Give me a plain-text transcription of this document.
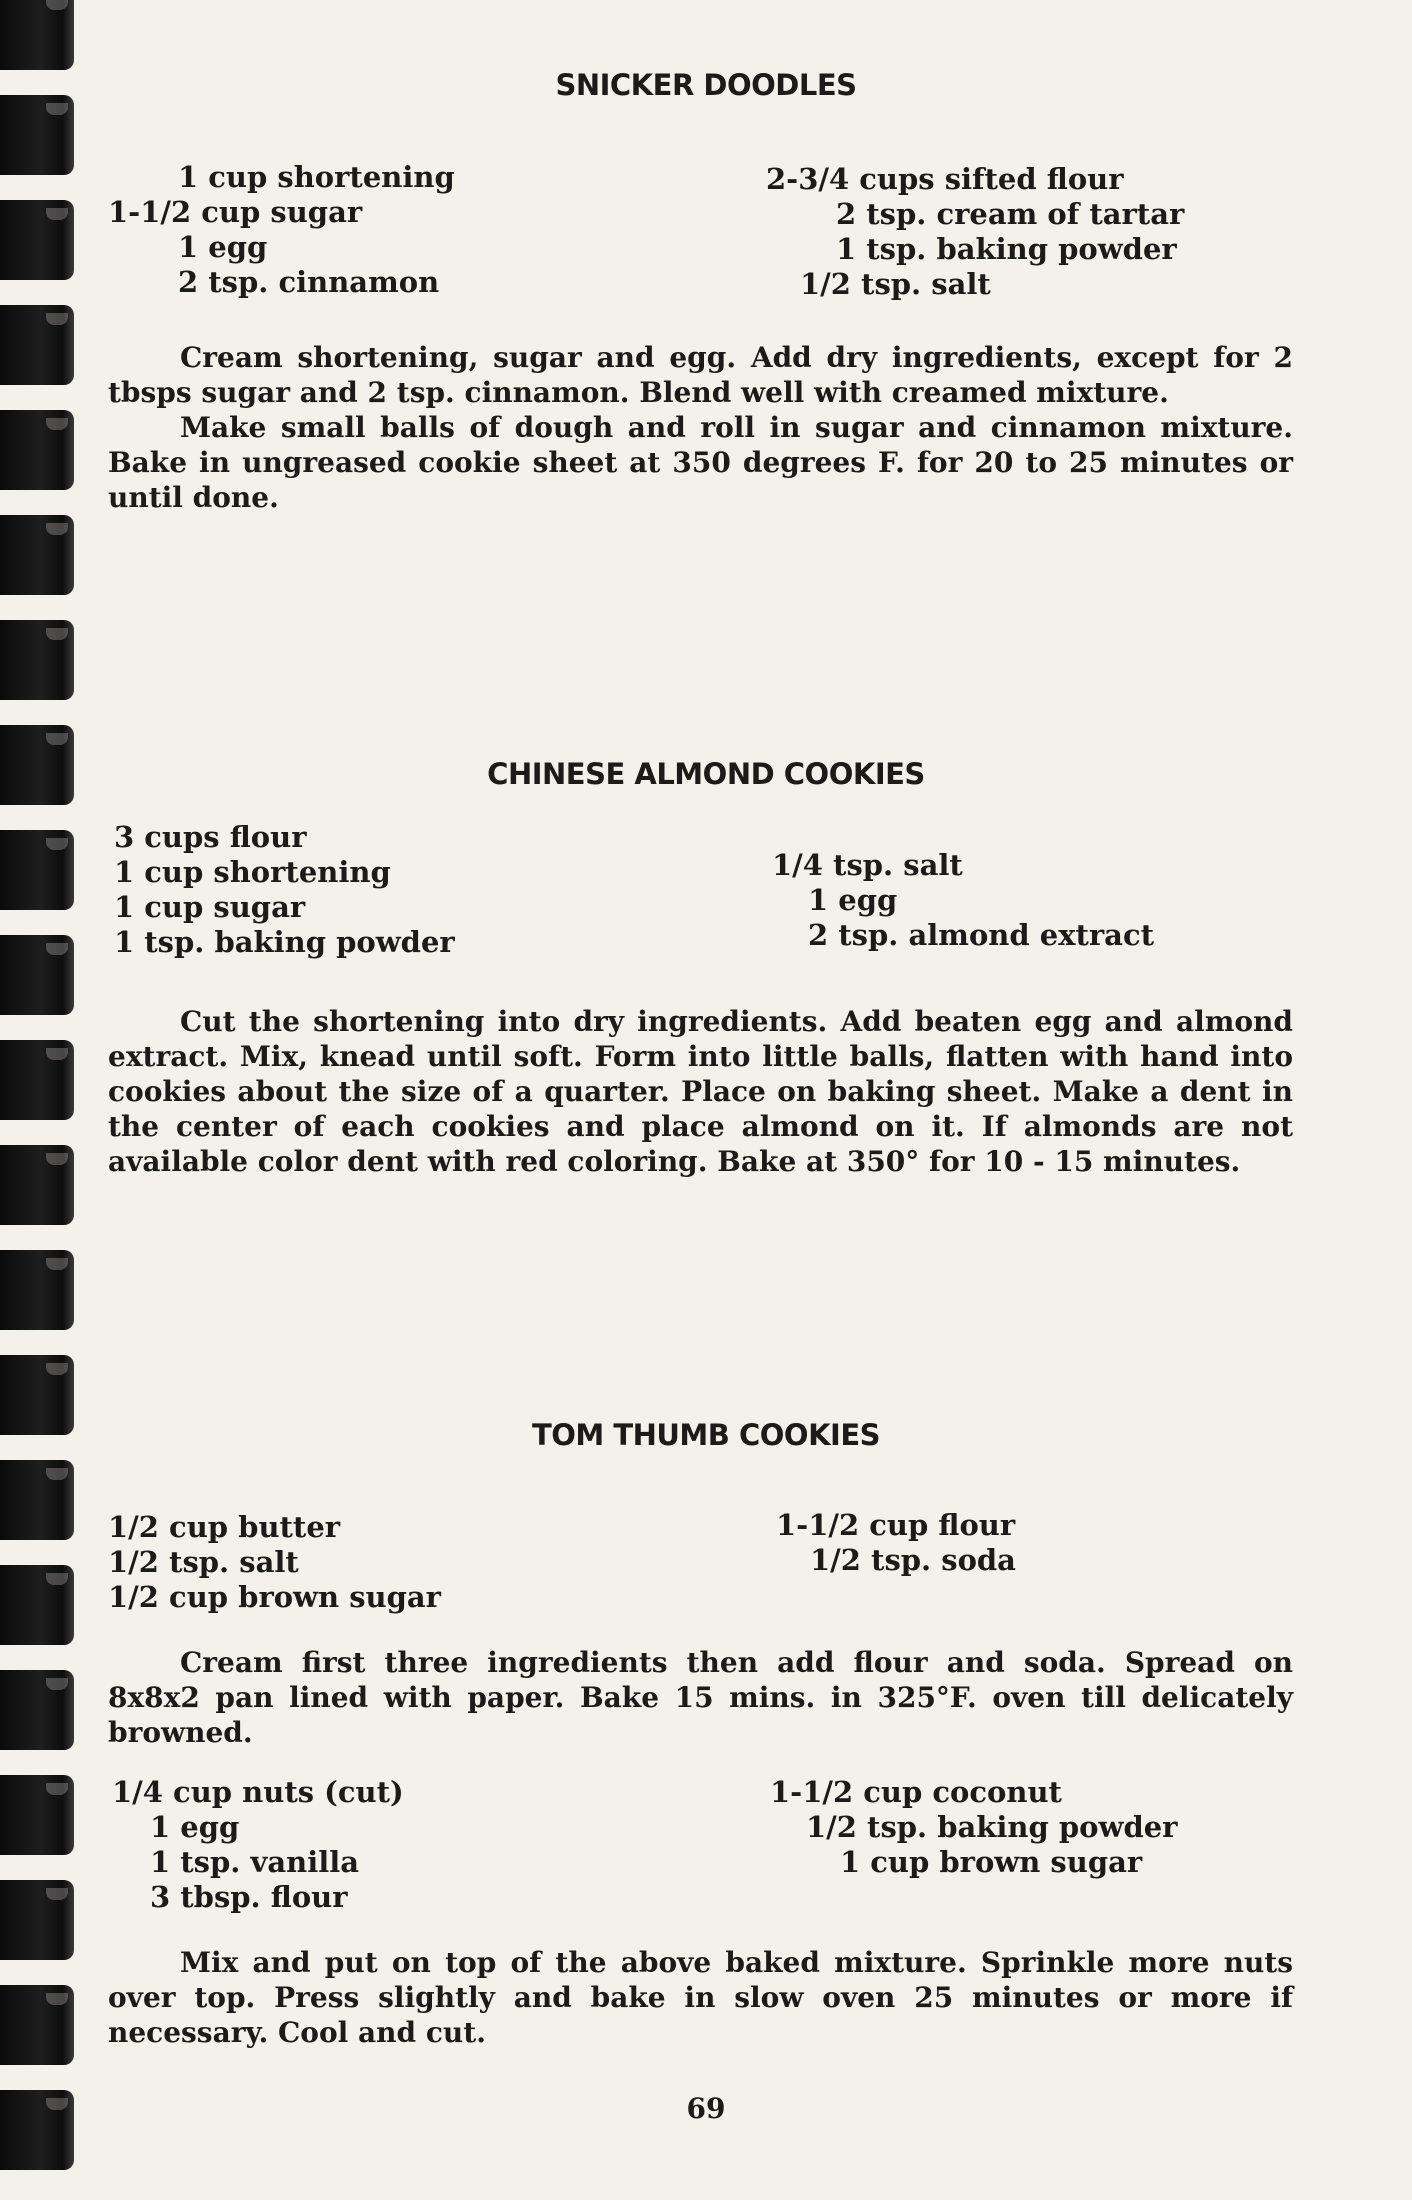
SNICKER DOODLES
1 cup shortening
1-1/2 cup sugar
1 egg
2 tsp. cinnamon
2-3/4 cups sifted flour
2 tsp. cream of tartar
1 tsp. baking powder
1/2 tsp. salt
Cream shortening, sugar and egg. Add dry ingredients, except for 2 tbsps sugar and 2 tsp. cinnamon. Blend well with creamed mixture.
Make small balls of dough and roll in sugar and cinnamon mixture. Bake in ungreased cookie sheet at 350 degrees F. for 20 to 25 minutes or until done.
CHINESE ALMOND COOKIES
3 cups flour
1 cup shortening
1 cup sugar
1 tsp. baking powder
1/4 tsp. salt
1 egg
2 tsp. almond extract
Cut the shortening into dry ingredients. Add beaten egg and almond extract. Mix, knead until soft. Form into little balls, flatten with hand into cookies about the size of a quarter. Place on baking sheet. Make a dent in the center of each cookies and place almond on it. If almonds are not available color dent with red coloring. Bake at 350° for 10 - 15 minutes.
TOM THUMB COOKIES
1/2 cup butter
1/2 tsp. salt
1/2 cup brown sugar
1-1/2 cup flour
1/2 tsp. soda
Cream first three ingredients then add flour and soda. Spread on 8x8x2 pan lined with paper. Bake 15 mins. in 325°F. oven till delicately browned.
1/4 cup nuts (cut)
1 egg
1 tsp. vanilla
3 tbsp. flour
1-1/2 cup coconut
1/2 tsp. baking powder
1 cup brown sugar
Mix and put on top of the above baked mixture. Sprinkle more nuts over top. Press slightly and bake in slow oven 25 minutes or more if necessary. Cool and cut.
69
